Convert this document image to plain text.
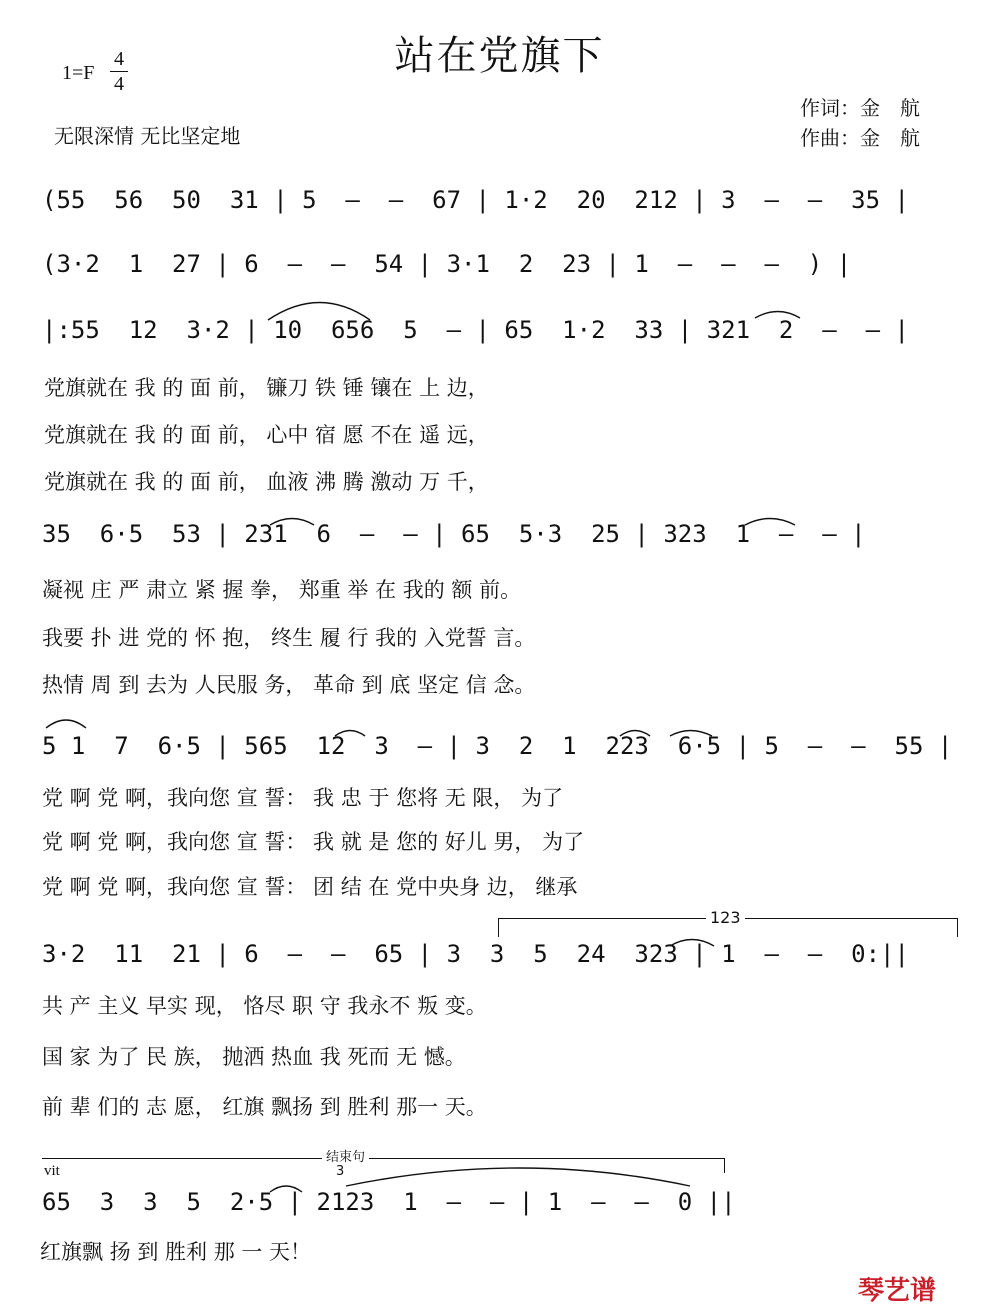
站在党旗下
1=F
4
4
无限深情 无比坚定地
作词：金　航
作曲：金　航
(55  56  50  31 | 5  —  —  67 | 1·2  20  212 | 3  —  —  35 |
(3·2  1  27 | 6  —  —  54 | 3·1  2  23 | 1  —  —  —  ) |
|:55  12  3·2 | 10  656  5  — | 65  1·2  33 | 321  2  —  — |
35  6·5  53 | 231  6  —  — | 65  5·3  25 | 323  1  —  — |
5 1  7  6·5 | 565  12  3  — | 3  2  1  223  6·5 | 5  —  —  55 |
3·2  11  21 | 6  —  —  65 | 3  3  5  24  323 | 1  —  —  0:||
65  3  3  5  2·5 | 2123  1  —  — | 1  —  —  0 ||
党旗就在 我 的 面 前， 镰刀 铁 锤 镶在 上 边，
党旗就在 我 的 面 前， 心中 宿 愿 不在 遥 远，
党旗就在 我 的 面 前， 血液 沸 腾 激动 万 千，
凝视 庄 严 肃立 紧 握 拳， 郑重 举 在 我的 额 前。
我要 扑 进 党的 怀 抱， 终生 履 行 我的 入党誓 言。
热情 周 到 去为 人民服 务， 革命 到 底 坚定 信 念。
党 啊 党 啊，我向您 宣 誓： 我 忠 于 您将 无 限， 为了
党 啊 党 啊，我向您 宣 誓： 我 就 是 您的 好儿 男， 为了
党 啊 党 啊，我向您 宣 誓： 团 结 在 党中央身 边， 继承
共 产 主义 早实 现， 恪尽 职 守 我永不 叛 变。
国 家 为了 民 族， 抛洒 热血 我 死而 无 憾。
前 辈 们的 志 愿， 红旗 飘扬 到 胜利 那一 天。
红旗飘 扬 到 胜利 那 一 天！
123
结束句
vit	3
琴艺谱
